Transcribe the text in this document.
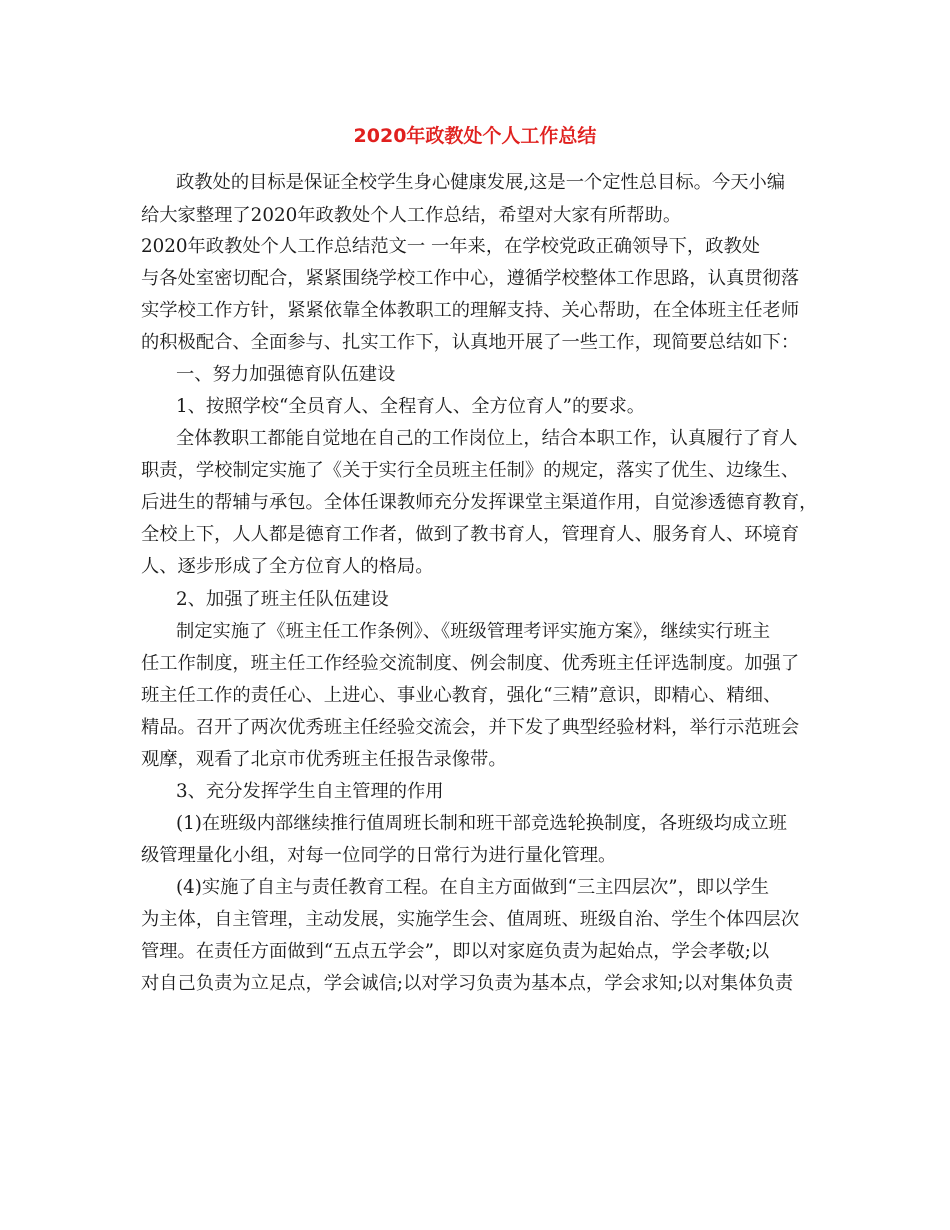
2020年政教处个人工作总结
政教处的目标是保证全校学生身心健康发展,这是一个定性总目标。今天小编
给大家整理了2020年政教处个人工作总结，希望对大家有所帮助。
2020年政教处个人工作总结范文一 一年来，在学校党政正确领导下，政教处
与各处室密切配合，紧紧围绕学校工作中心，遵循学校整体工作思路，认真贯彻落
实学校工作方针，紧紧依靠全体教职工的理解支持、关心帮助，在全体班主任老师
的积极配合、全面参与、扎实工作下，认真地开展了一些工作，现简要总结如下：
一、努力加强德育队伍建设
1、按照学校“全员育人、全程育人、全方位育人”的要求。
全体教职工都能自觉地在自己的工作岗位上，结合本职工作，认真履行了育人
职责，学校制定实施了《关于实行全员班主任制》的规定，落实了优生、边缘生、
后进生的帮辅与承包。全体任课教师充分发挥课堂主渠道作用，自觉渗透德育教育，
全校上下，人人都是德育工作者，做到了教书育人，管理育人、服务育人、环境育
人、逐步形成了全方位育人的格局。
2、加强了班主任队伍建设
制定实施了《班主任工作条例》、《班级管理考评实施方案》，继续实行班主
任工作制度，班主任工作经验交流制度、例会制度、优秀班主任评选制度。加强了
班主任工作的责任心、上进心、事业心教育，强化“三精”意识，即精心、精细、
精品。召开了两次优秀班主任经验交流会，并下发了典型经验材料，举行示范班会
观摩，观看了北京市优秀班主任报告录像带。
3、充分发挥学生自主管理的作用
(1)在班级内部继续推行值周班长制和班干部竞选轮换制度，各班级均成立班
级管理量化小组，对每一位同学的日常行为进行量化管理。
(4)实施了自主与责任教育工程。在自主方面做到“三主四层次”，即以学生
为主体，自主管理，主动发展，实施学生会、值周班、班级自治、学生个体四层次
管理。在责任方面做到“五点五学会”，即以对家庭负责为起始点，学会孝敬;以
对自己负责为立足点，学会诚信;以对学习负责为基本点，学会求知;以对集体负责
